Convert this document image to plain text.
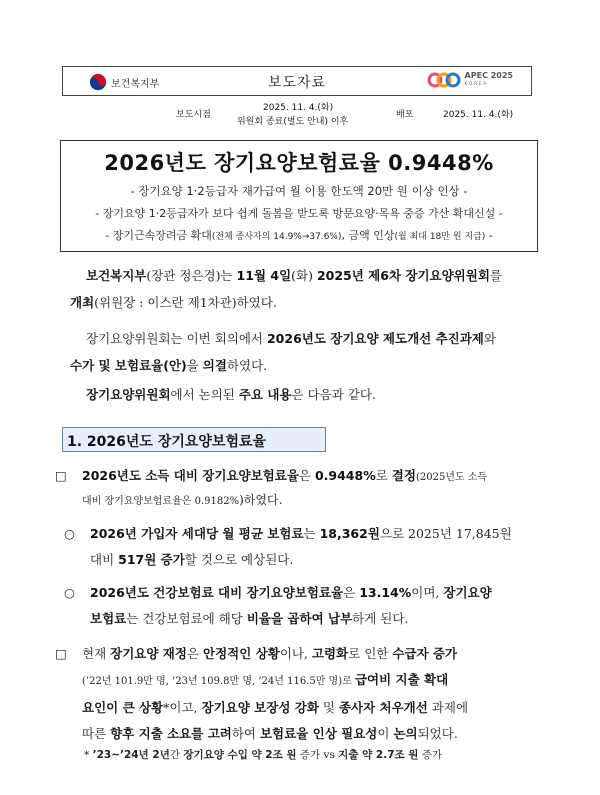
보건복지부	보도자료	APEC 2025
KOREA
보도시점
2025. 11. 4.(화)
위원회 종료(별도 안내) 이후
배포	2025. 11. 4.(화)
2026년도 장기요양보험료율 0.9448%
- 장기요양 1·2등급자 재가급여 월 이용 한도액 20만 원 이상 인상 -
- 장기요양 1·2등급자가 보다 쉽게 돌봄을 받도록 방문요양·목욕 중증 가산 확대신설 -
- 장기근속장려금 확대(전체 종사자의 14.9%→37.6%), 금액 인상(월 최대 18만 원 지급) -
보건복지부(장관 정은경)는 11월 4일(화) 2025년 제6차 장기요양위원회를
개최(위원장 : 이스란 제1차관)하였다.
장기요양위원회는 이번 회의에서 2026년도 장기요양 제도개선 추진과제와
수가 및 보험료율(안)을 의결하였다.
장기요양위원회에서 논의된 주요 내용은 다음과 같다.
1. 2026년도 장기요양보험료율
□ 2026년도 소득 대비 장기요양보험료율은 0.9448%로 결정(2025년도 소득
대비 장기요양보험료율은 0.9182%)하였다.
○ 2026년 가입자 세대당 월 평균 보험료는 18,362원으로 2025년 17,845원
대비 517원 증가할 것으로 예상된다.
○ 2026년도 건강보험료 대비 장기요양보험료율은 13.14%이며, 장기요양
보험료는 건강보험료에 해당 비율을 곱하여 납부하게 된다.
□ 현재 장기요양 재정은 안정적인 상황이나, 고령화로 인한 수급자 증가
(’22년 101.9만 명, ’23년 109.8만 명, ’24년 116.5만 명)로 급여비 지출 확대
요인이 큰 상황*이고, 장기요양 보장성 강화 및 종사자 처우개선 과제에
따른 향후 지출 소요를 고려하여 보험료율 인상 필요성이 논의되었다.
* ’23~’24년 2년간 장기요양 수입 약 2조 원 증가 vs 지출 약 2.7조 원 증가
